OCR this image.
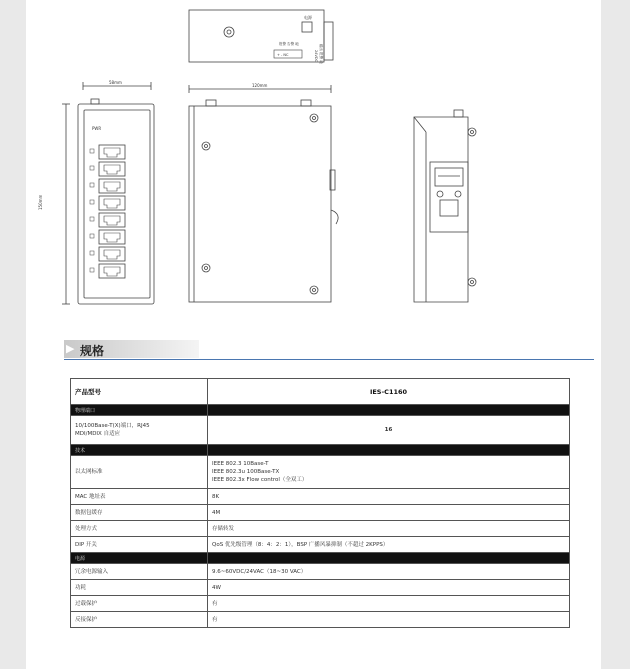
电源
报警 告警 地
+ - NC	24VDC 输出 报警 地
58mm
PWR
150mm
120mm
▶ 规格
产品型号	IES-C1160
物理端口	

10/100Base-T(X)端口，RJ45
MDI/MDIX 自适应	16

技术	

以太网标准	IEEE 802.3 10Base-T
IEEE 802.3u 100Base-TX
IEEE 802.3x Flow control（全双工）

MAC 地址表	8K

数据包缓存	4M

处理方式	存储转发

DIP 开关	QoS 优先级管理（8：4：2：1），BSP 广播风暴抑制（不超过 2KPPS）

电源	

冗余电源输入	9.6~60VDC/24VAC（18~30 VAC）

功耗	4W

过载保护	有

反接保护	有
